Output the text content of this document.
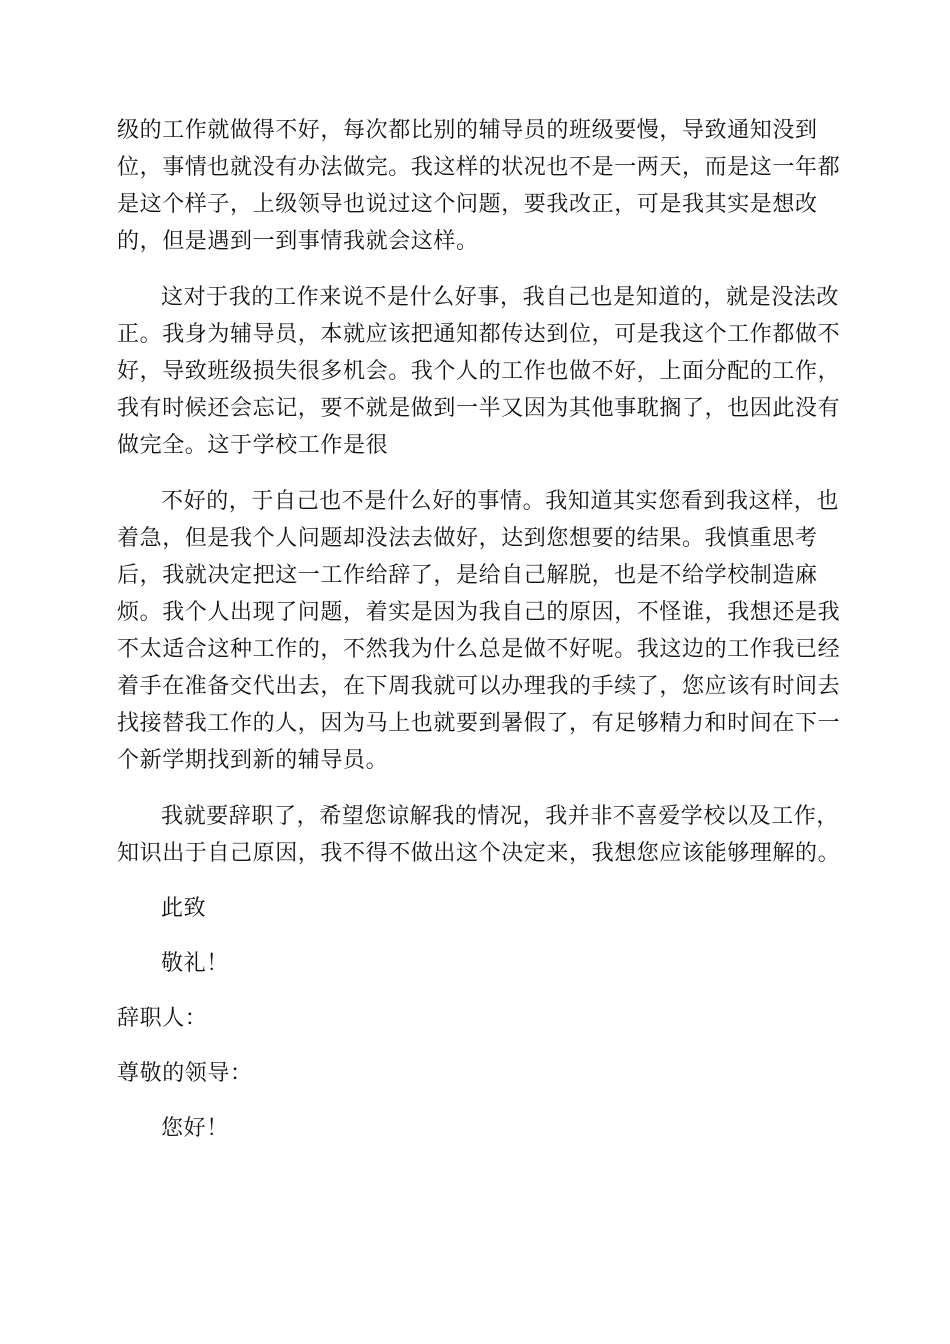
级的工作就做得不好，每次都比别的辅导员的班级要慢，导致通知没到
位，事情也就没有办法做完。我这样的状况也不是一两天，而是这一年都
是这个样子，上级领导也说过这个问题，要我改正，可是我其实是想改
的，但是遇到一到事情我就会这样。

这对于我的工作来说不是什么好事，我自己也是知道的，就是没法改
正。我身为辅导员，本就应该把通知都传达到位，可是我这个工作都做不
好，导致班级损失很多机会。我个人的工作也做不好，上面分配的工作，
我有时候还会忘记，要不就是做到一半又因为其他事耽搁了，也因此没有
做完全。这于学校工作是很

不好的，于自己也不是什么好的事情。我知道其实您看到我这样，也
着急，但是我个人问题却没法去做好，达到您想要的结果。我慎重思考
后，我就决定把这一工作给辞了，是给自己解脱，也是不给学校制造麻
烦。我个人出现了问题，着实是因为我自己的原因，不怪谁，我想还是我
不太适合这种工作的，不然我为什么总是做不好呢。我这边的工作我已经
着手在准备交代出去，在下周我就可以办理我的手续了，您应该有时间去
找接替我工作的人，因为马上也就要到暑假了，有足够精力和时间在下一
个新学期找到新的辅导员。

我就要辞职了，希望您谅解我的情况，我并非不喜爱学校以及工作，
知识出于自己原因，我不得不做出这个决定来，我想您应该能够理解的。

此致

敬礼！

辞职人：

尊敬的领导：

您好！
